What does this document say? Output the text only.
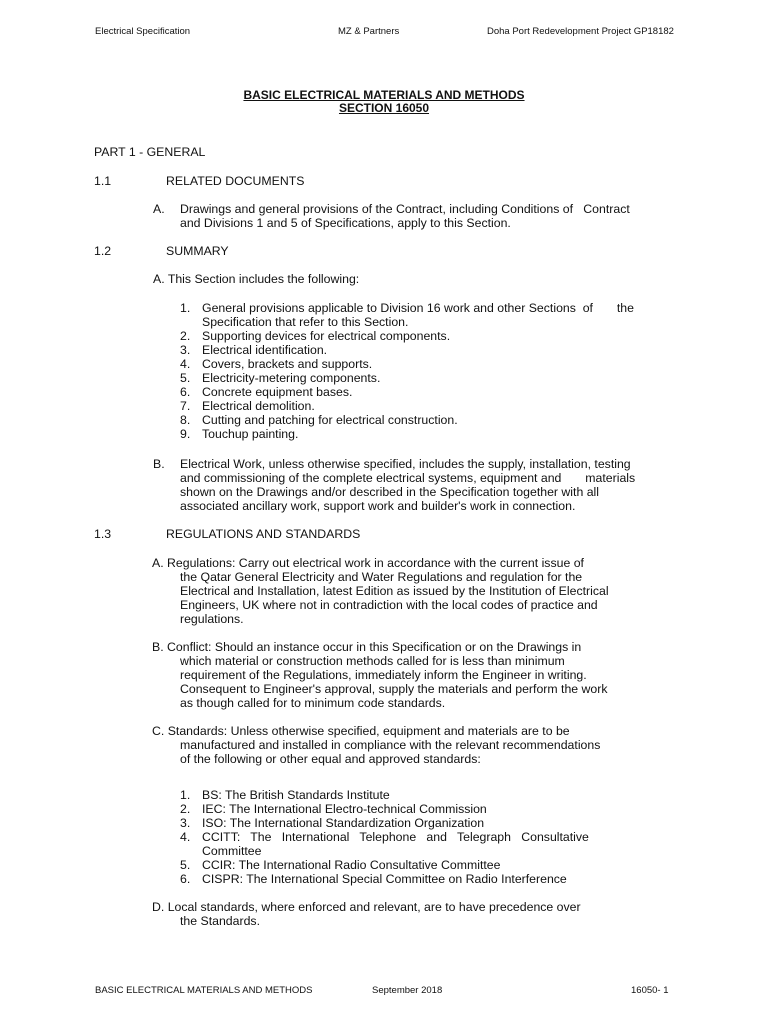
Electrical Specification	MZ & Partners	Doha Port Redevelopment Project GP18182
BASIC ELECTRICAL MATERIALS AND METHODS
SECTION 16050
PART 1 - GENERAL
1.1	RELATED DOCUMENTS
A. Drawings and general provisions of the Contract, including Conditions of   Contract
and Divisions 1 and 5 of Specifications, apply to this Section.
1.2	SUMMARY
A. This Section includes the following:
1. General provisions applicable to Division 16 work and other Sections  of       the
Specification that refer to this Section.
2. Supporting devices for electrical components.
3. Electrical identification.
4. Covers, brackets and supports.
5. Electricity-metering components.
6. Concrete equipment bases.
7. Electrical demolition.
8. Cutting and patching for electrical construction.
9. Touchup painting.
B. Electrical Work, unless otherwise specified, includes the supply, installation, testing
and commissioning of the complete electrical systems, equipment and       materials
shown on the Drawings and/or described in the Specification together with all
associated ancillary work, support work and builder's work in connection.
1.3	REGULATIONS AND STANDARDS
A. Regulations: Carry out electrical work in accordance with the current issue of
the Qatar General Electricity and Water Regulations and regulation for the
Electrical and Installation, latest Edition as issued by the Institution of Electrical
Engineers, UK where not in contradiction with the local codes of practice and
regulations.
B. Conflict: Should an instance occur in this Specification or on the Drawings in
which material or construction methods called for is less than minimum
requirement of the Regulations, immediately inform the Engineer in writing.
Consequent to Engineer's approval, supply the materials and perform the work
as though called for to minimum code standards.
C. Standards: Unless otherwise specified, equipment and materials are to be
manufactured and installed in compliance with the relevant recommendations
of the following or other equal and approved standards:
1. BS: The British Standards Institute
2. IEC: The International Electro-technical Commission
3. ISO: The International Standardization Organization
4. CCITT:   The   International   Telephone   and   Telegraph   Consultative
Committee
5. CCIR: The International Radio Consultative Committee
6. CISPR: The International Special Committee on Radio Interference
D. Local standards, where enforced and relevant, are to have precedence over
the Standards.
BASIC ELECTRICAL MATERIALS AND METHODS	September 2018	16050- 1
